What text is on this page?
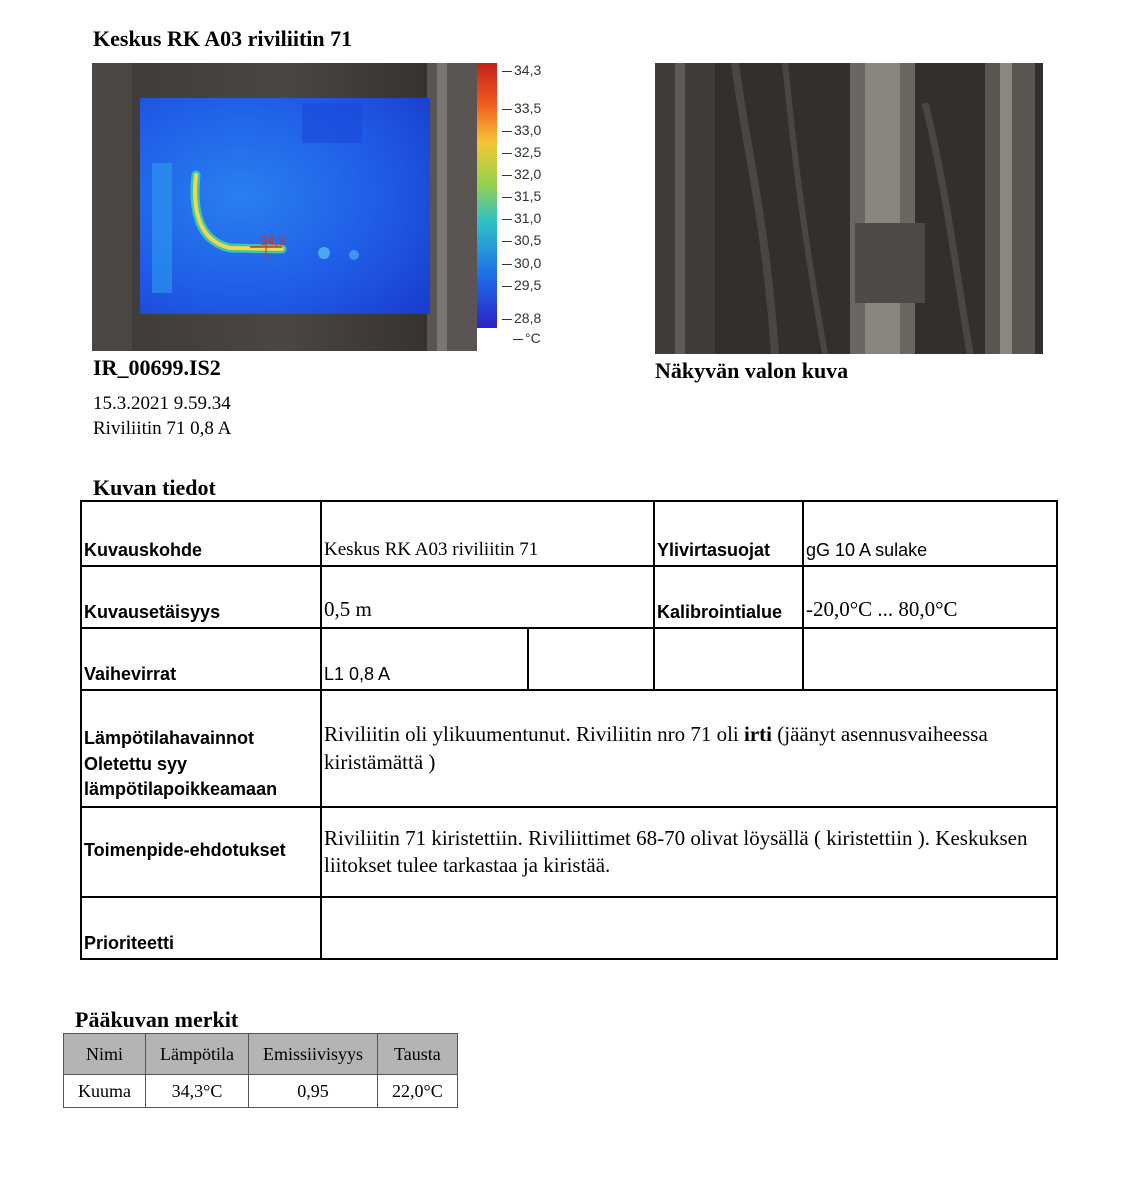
Keskus RK A03 riviliitin 71
34,3
34,3
33,5
33,0
32,5
32,0
31,5
31,0
30,5
30,0
29,5
28,8
°C
IR_00699.IS2	Näkyvän valon kuva
15.3.2021 9.59.34
Riviliitin 71 0,8 A
Kuvan tiedot
Kuvauskohde	Keskus RK A03 riviliitin 71		Ylivirtasuojat	gG 10 A sulake
Kuvausetäisyys	0,5 m		Kalibrointialue	-20,0°C ... 80,0°C
Vaihevirrat	L1 0,8 A			
Lämpötilahavainnot Oletettu syy lämpötilapoikkeamaan	Riviliitin oli ylikuumentunut. Riviliitin nro 71 oli irti (jäänyt asennusvaiheessa kiristämättä )			
Toimenpide-ehdotukset	Riviliitin 71 kiristettiin. Riviliittimet 68-70 olivat löysällä ( kiristettiin ). Keskuksen liitokset tulee tarkastaa ja kiristää.			
Prioriteetti				
Pääkuvan merkit
Nimi	Lämpötila	Emissiivisyys	Tausta
Kuuma	34,3°C	0,95	22,0°C
